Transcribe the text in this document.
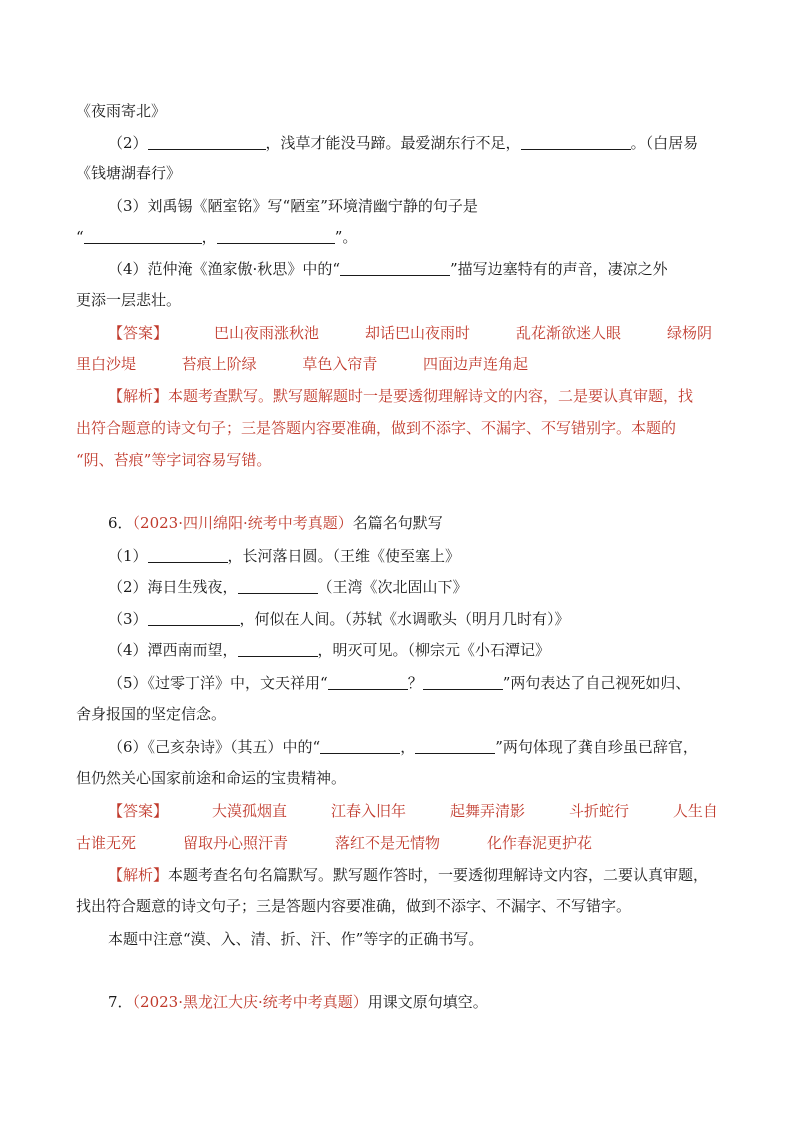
《夜雨寄北》
（2）	，浅草才能没马蹄。最爱湖东行不足，	。（白居易
《钱塘湖春行》
（3）刘禹锡《陋室铭》写“陋室”环境清幽宁静的句子是
“	，	”。
（4）范仲淹《渔家傲·秋思》中的“	”描写边塞特有的声音，凄凉之外
更添一层悲壮。
【答案】	巴山夜雨涨秋池	却话巴山夜雨时	乱花渐欲迷人眼	绿杨阴
里白沙堤	苔痕上阶绿	草色入帘青	四面边声连角起
【解析】本题考查默写。默写题解题时一是要透彻理解诗文的内容，二是要认真审题，找
出符合题意的诗文句子；三是答题内容要准确，做到不添字、不漏字、不写错别字。本题的
“阴、苔痕”等字词容易写错。
6．（2023·四川绵阳·统考中考真题）名篇名句默写
（1）	，长河落日圆。（王维《使至塞上》
（2）海日生残夜，	（王湾《次北固山下》
（3）	，何似在人间。（苏轼《水调歌头（明月几时有）》
（4）潭西南而望，	，明灭可见。（柳宗元《小石潭记》
（5）《过零丁洋》中，文天祥用“	？	”两句表达了自己视死如归、
舍身报国的坚定信念。
（6）《己亥杂诗》（其五）中的“	，	”两句体现了龚自珍虽已辞官，
但仍然关心国家前途和命运的宝贵精神。
【答案】	大漠孤烟直	江春入旧年	起舞弄清影	斗折蛇行	人生自
古谁无死	留取丹心照汗青	落红不是无情物	化作春泥更护花
【解析】本题考查名句名篇默写。默写题作答时，一要透彻理解诗文内容，二要认真审题，
找出符合题意的诗文句子；三是答题内容要准确，做到不添字、不漏字、不写错字。
本题中注意“漠、入、清、折、汗、作”等字的正确书写。
7．（2023·黑龙江大庆·统考中考真题）用课文原句填空。
